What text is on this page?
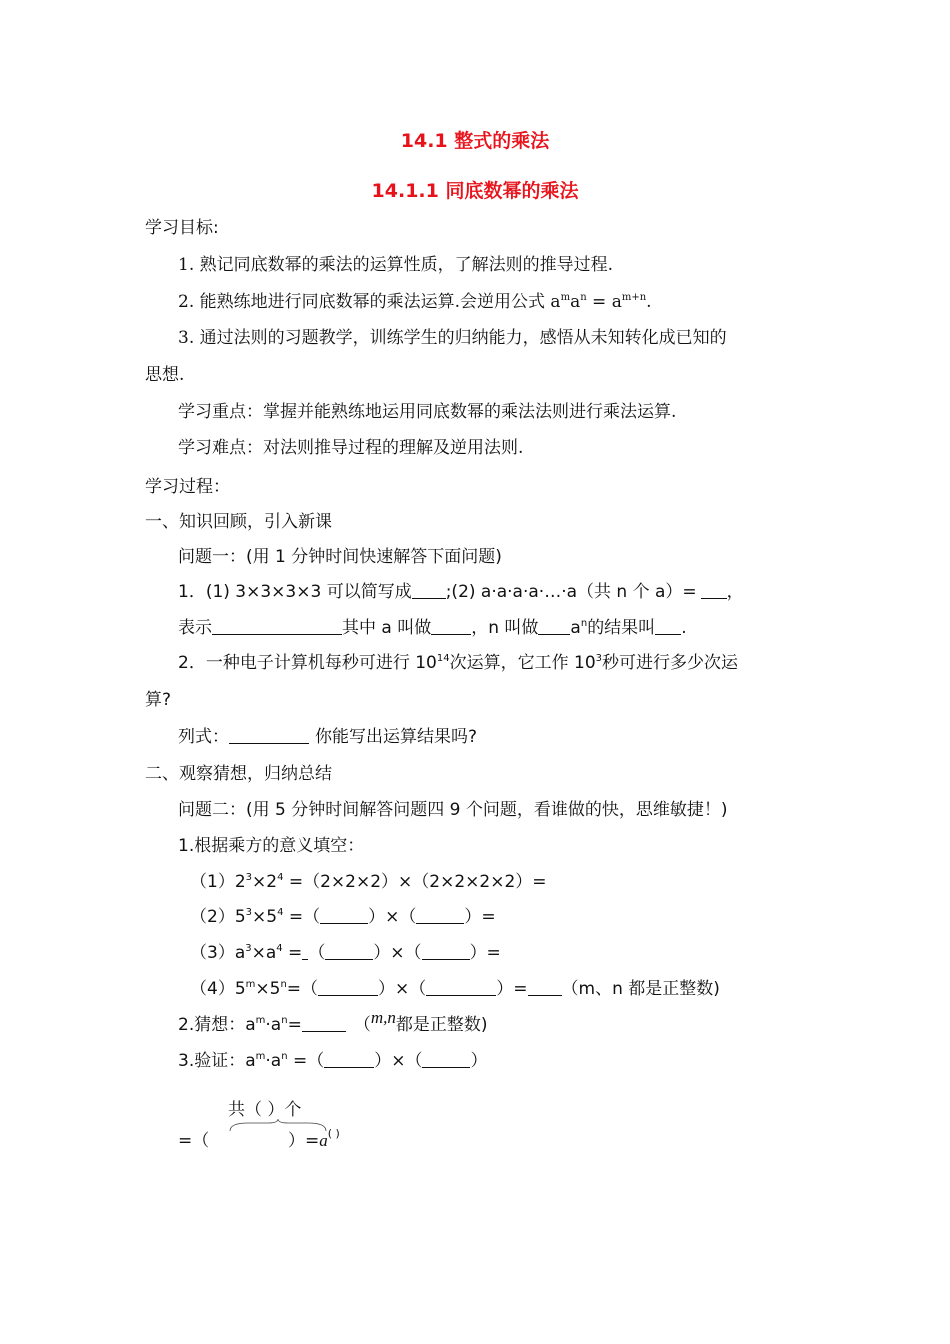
14.1 整式的乘法
14.1.1 同底数幂的乘法
学习目标:
1. 熟记同底数幂的乘法的运算性质，了解法则的推导过程.
2. 能熟练地进行同底数幂的乘法运算.会逆用公式 $a^ma^n = a^{m+n}$.
3. 通过法则的习题教学，训练学生的归纳能力，感悟从未知转化成已知的
思想.
学习重点：掌握并能熟练地运用同底数幂的乘法法则进行乘法运算.
学习难点：对法则推导过程的理解及逆用法则.
学习过程：
一、知识回顾，引入新课
问题一：(用 1 分钟时间快速解答下面问题)
1．(1) 3×3×3×3 可以简写成 ;(2) a·a·a·a·…·a（共 n 个 a）= ，
表示	其中 a 叫做 ，n 叫做 $a^n$的结果叫 .
2．一种电子计算机每秒可进行 $10^{14}$次运算，它工作 $10^3$秒可进行多少次运
算?
列式：	你能写出运算结果吗?
二、观察猜想，归纳总结
问题二：(用 5 分钟时间解答问题四 9 个问题，看谁做的快，思维敏捷！)
1.根据乘方的意义填空：
$(1)2^3\times 2^4 =(2\times 2\times 2)\times(2\times 2\times 2\times 2)=$
$(2)5^3\times 5^4$ =（	）×（	）=
$(3)a^3\times a^4$ = （	）×（	）=
$(4)5^m\times 5^n=$（	）×（	）= （m、n 都是正整数)
2.猜想：$a^m\cdot a^n=$	（m,n都是正整数)
3.验证：$a^m\cdot a^n$ =（	）×（	）
共（ ）个
=（	）=a( )
